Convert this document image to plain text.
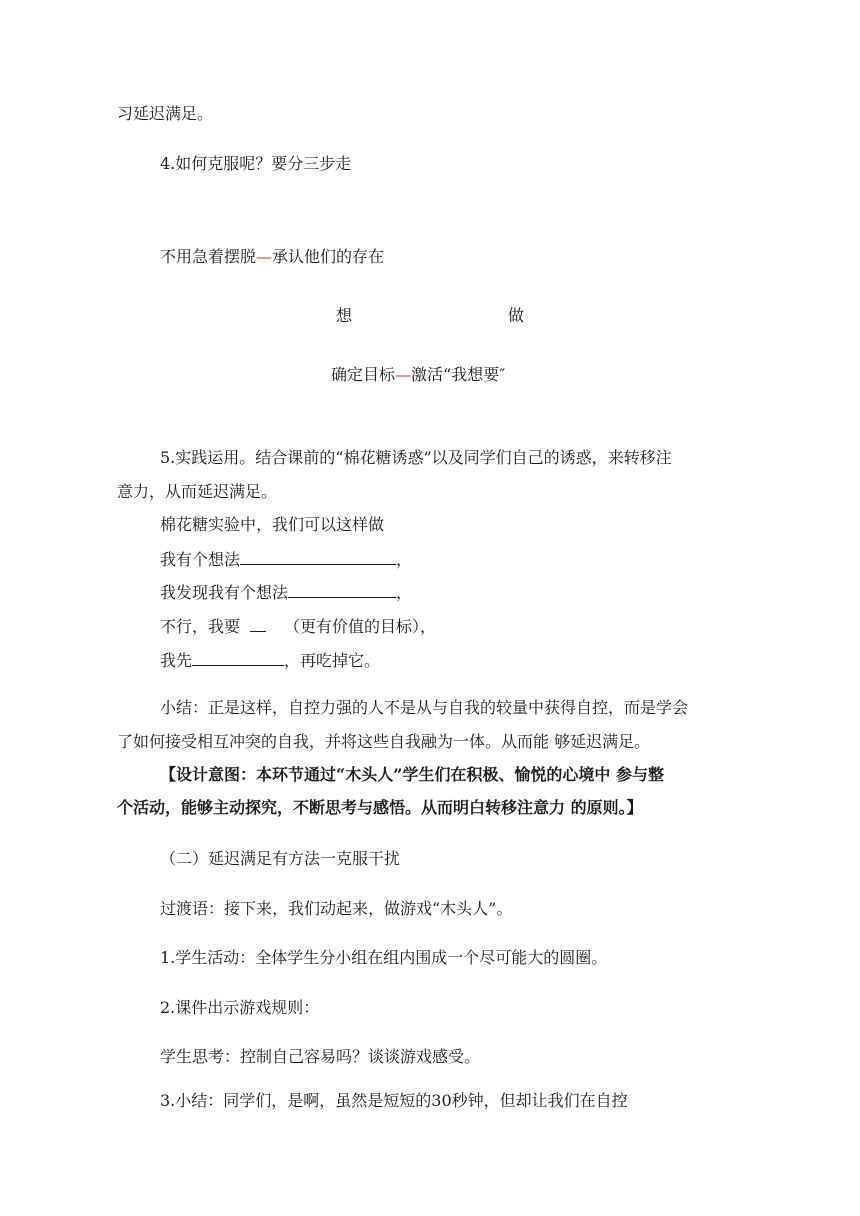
习延迟满足。
4.如何克服呢？要分三步走
不用急着摆脱—承认他们的存在
想	做
确定目标—激活“我想要″
5.实践运用。结合课前的“棉花糖诱惑”以及同学们自己的诱惑，来转移注
意力，从而延迟满足。
棉花糖实验中，我们可以这样做
我有个想法	，
我发现我有个想法	，
不行，我要	（更有价值的目标），
我先	，再吃掉它。
小结：正是这样，自控力强的人不是从与自我的较量中获得自控，而是学会
了如何接受相互冲突的自我，并将这些自我融为一体。从而能 够延迟满足。
【设计意图：本环节通过“木头人”学生们在积极、愉悦的心境中 参与整
个活动，能够主动探究，不断思考与感悟。从而明白转移注意力 的原则。】
（二）延迟满足有方法一克服干扰
过渡语：接下来，我们动起来，做游戏“木头人”。
1.学生活动：全体学生分小组在组内围成一个尽可能大的圆圈。
2.课件出示游戏规则：
学生思考：控制自己容易吗？谈谈游戏感受。
3.小结：同学们，是啊，虽然是短短的30秒钟，但却让我们在自控
